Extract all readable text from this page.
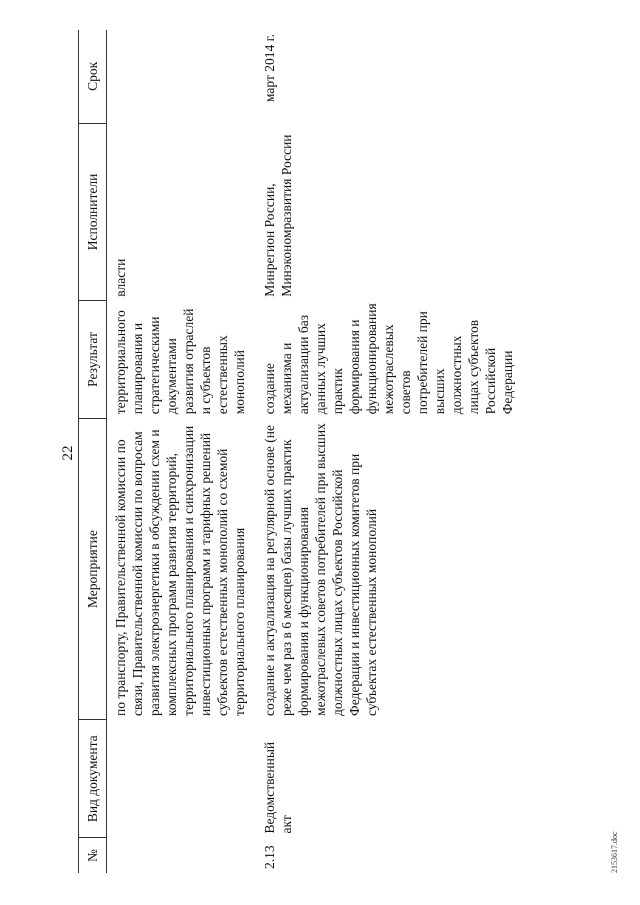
22
№	Вид документа	Мероприятие	Результат	Исполнители	Срок
		по транспорту, Правительственной комиссии по связи, Правительственной комиссии по вопросам развития электроэнергетики в обсуждении схем и комплексных программ развития территорий, территориального планирования и синхронизации инвестиционных программ и тарифных решений субъектов естественных монополий со схемой территориального планирования	территориального планирования и стратегическими документами развития отраслей и субъектов естественных монополий	власти	
2.13	Ведомственный акт	создание и актуализация на регулярной основе (не реже чем раз в 6 месяцев) базы лучших практик формирования и функционирования межотраслевых советов потребителей при высших должностных лицах субъектов Российской Федерации и инвестиционных комитетов при субъектах естественных монополий	создание механизма и актуализации баз данных лучших практик формирования и функционирования межотраслевых советов потребителей при высших должностных лицах субъектов Российской Федерации	Минрегион России, Минэкономразвития России	март 2014 г.
2153617.doc
